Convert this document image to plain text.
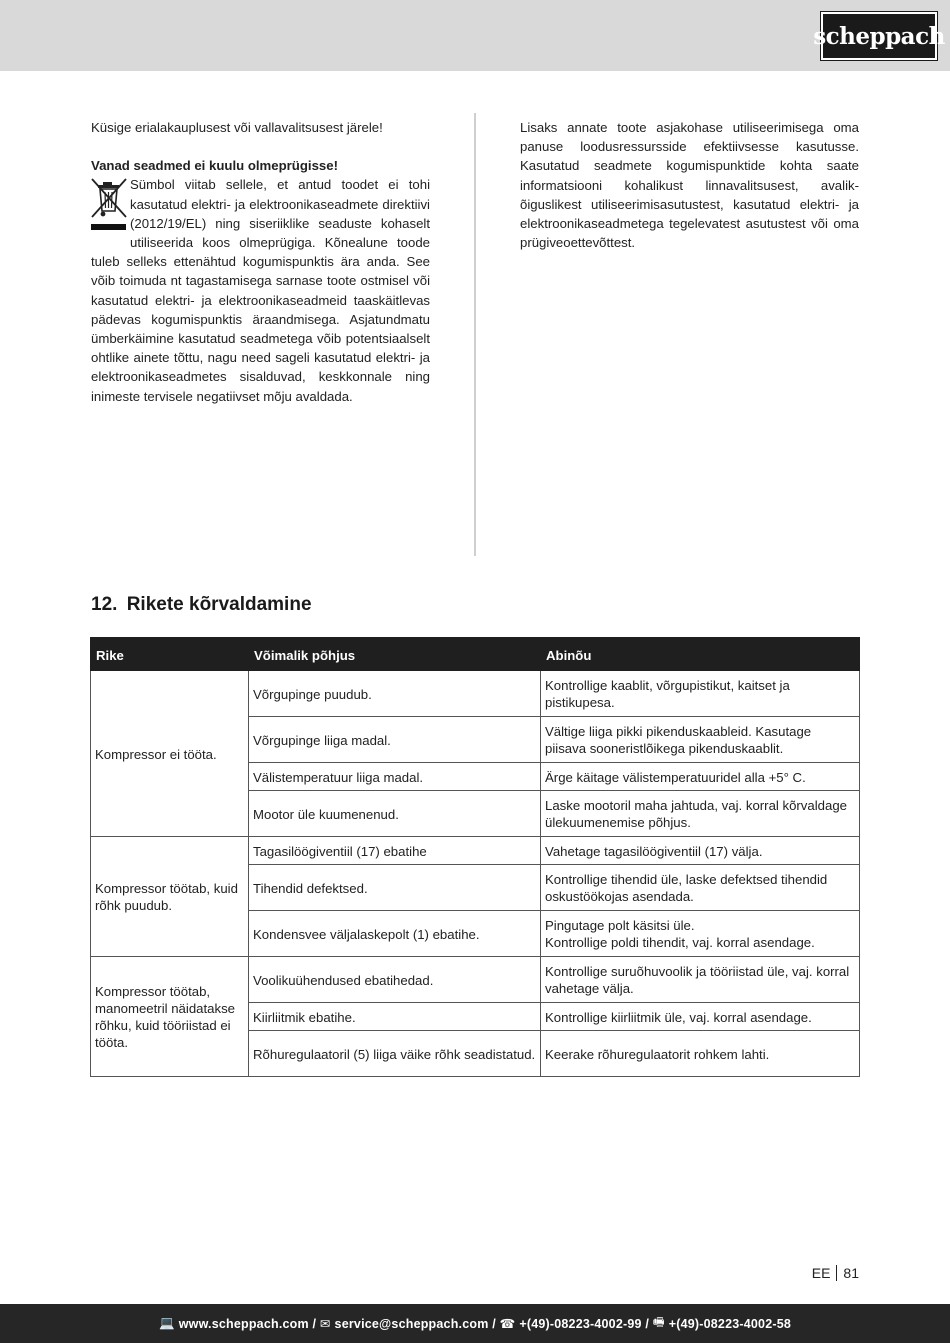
scheppach

Küsige erialakauplusest või vallavalitsusest järele!

Vanad seadmed ei kuulu olmeprügisse!

Sümbol viitab sellele, et antud toodet ei tohi kasutatud elektri- ja elektroonikaseadmete direktiivi (2012/19/EL) ning siseriiklike seaduste kohaselt utiliseerida koos olmeprügiga. Kõnealune toode tuleb selleks ettenähtud kogumispunktis ära anda. See võib toimuda nt tagastamisega sarnase toote ostmisel või kasutatud elektri- ja elektroonikaseadmeid taaskäitlevas pädevas kogumispunktis äraandmisega. Asjatundmatu ümberkäimine kasutatud seadmetega võib potentsiaalselt ohtlike ainete tõttu, nagu need sageli kasutatud elektri- ja elektroonikaseadmetes sisalduvad, keskkonnale ning inimeste tervisele negatiivset mõju avaldada.

Lisaks annate toote asjakohase utiliseerimisega oma panuse loodusressursside efektiivsesse kasutusse. Kasutatud seadmete kogumispunktide kohta saate informatsiooni kohalikust linnavalitsusest, avalik-õiguslikest utiliseerimisasutustest, kasutatud elektri- ja elektroonikaseadmetega tegelevatest asutustest või oma prügiveoettevõttest.

12. Rikete kõrvaldamine
Rike	Võimalik põhjus	Abinõu
Kompressor ei tööta.	Võrgupinge puudub.	Kontrollige kaablit, võrgupistikut, kaitset ja pistikupesa.
	Võrgupinge liiga madal.	Vältige liiga pikki pikenduskaableid. Kasutage piisava sooneristlõikega pikenduskaablit.
	Välistemperatuur liiga madal.	Ärge käitage välistemperatuuridel alla +5° C.
	Mootor üle kuumenenud.	Laske mootoril maha jahtuda, vaj. korral kõrvaldage ülekuumenemise põhjus.
Kompressor töötab, kuid rõhk puudub.	Tagasilöögiventiil (17) ebatihe	Vahetage tagasilöögiventiil (17) välja.
	Tihendid defektsed.	Kontrollige tihendid üle, laske defektsed tihendid oskustöökojas asendada.
	Kondensvee väljalaskepolt (1) ebatihe.	Pingutage polt käsitsi üle.
Kontrollige poldi tihendit, vaj. korral asendage.
Kompressor töötab, manomeetril näidatakse rõhku, kuid tööriistad ei tööta.	Voolikuühendused ebatihedad.	Kontrollige suruõhuvoolik ja tööriistad üle, vaj. korral vahetage välja.
	Kiirliitmik ebatihe.	Kontrollige kiirliitmik üle, vaj. korral asendage.
	Rõhuregulaatoril (5) liiga väike rõhk seadistatud.	Keerake rõhuregulaatorit rohkem lahti.
EE 81
💻 www.scheppach.com
/
✉ service@scheppach.com
/
☎ +(49)-08223-4002-99
/
🖷 +(49)-08223-4002-58
